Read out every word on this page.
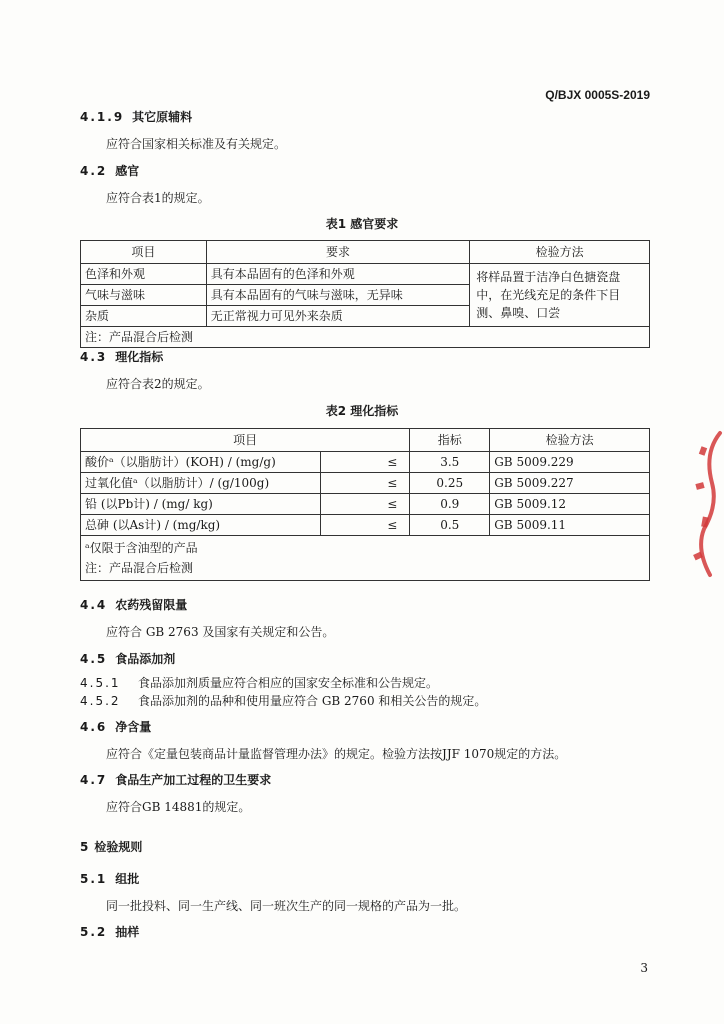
Q/BJX 0005S-2019
4.1.9 其它原辅料
应符合国家相关标准及有关规定。
4.2 感官
应符合表1的规定。
表1 感官要求
项目	要求	检验方法
色泽和外观	具有本品固有的色泽和外观	将样品置于洁净白色搪瓷盘中，在光线充足的条件下目测、鼻嗅、口尝
气味与滋味	具有本品固有的气味与滋味，无异味	
杂质	无正常视力可见外来杂质	
注：产品混合后检测		
4.3 理化指标
应符合表2的规定。
表2 理化指标
项目		指标	检验方法
酸价ᵃ（以脂肪计）(KOH) / (mg/g)	≤	3.5	GB 5009.229
过氧化值ᵃ（以脂肪计）/ (g/100g)	≤	0.25	GB 5009.227
铅 (以Pb计) / (mg/ kg)	≤	0.9	GB 5009.12
总砷 (以As计) / (mg/kg)	≤	0.5	GB 5009.11

ᵃ仅限于含油型的产品
注：产品混合后检测			
4.4 农药残留限量
应符合 GB 2763 及国家有关规定和公告。
4.5 食品添加剂
4.5.1 食品添加剂质量应符合相应的国家安全标准和公告规定。
4.5.2 食品添加剂的品种和使用量应符合 GB 2760 和相关公告的规定。
4.6 净含量
应符合《定量包装商品计量监督管理办法》的规定。检验方法按JJF 1070规定的方法。
4.7 食品生产加工过程的卫生要求
应符合GB 14881的规定。
5 检验规则
5.1 组批
同一批投料、同一生产线、同一班次生产的同一规格的产品为一批。
5.2 抽样
3
